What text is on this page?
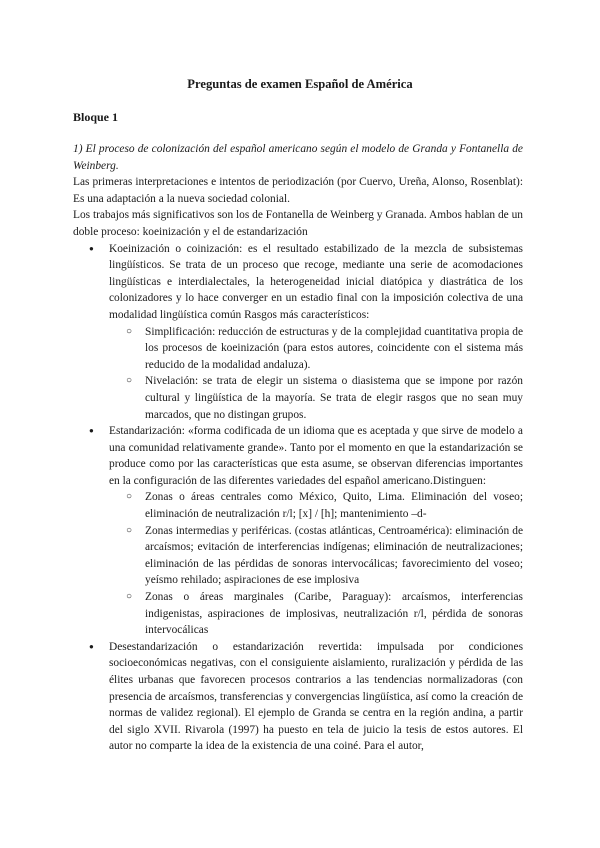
Preguntas de examen Español de América
Bloque 1

1) El proceso de colonización del español americano según el modelo de Granda y Fontanella de Weinberg.

Las primeras interpretaciones e intentos de periodización (por Cuervo, Ureña, Alonso, Rosenblat): Es una adaptación a la nueva sociedad colonial.

Los trabajos más significativos son los de Fontanella de Weinberg y Granada. Ambos hablan de un doble proceso: koeinización y el de estandarización

● Koeinización o coinización: es el resultado estabilizado de la mezcla de subsistemas lingüísticos. Se trata de un proceso que recoge, mediante una serie de acomodaciones lingüísticas e interdialectales, la heterogeneidad inicial diatópica y diastrática de los colonizadores y lo hace converger en un estadio final con la imposición colectiva de una modalidad lingüística común Rasgos más característicos:
○ Simplificación: reducción de estructuras y de la complejidad cuantitativa propia de los procesos de koeinización (para estos autores, coincidente con el sistema más reducido de la modalidad andaluza).
○ Nivelación: se trata de elegir un sistema o diasistema que se impone por razón cultural y lingüística de la mayoría. Se trata de elegir rasgos que no sean muy marcados, que no distingan grupos.
● Estandarización: «forma codificada de un idioma que es aceptada y que sirve de modelo a una comunidad relativamente grande». Tanto por el momento en que la estandarización se produce como por las características que esta asume, se observan diferencias importantes en la configuración de las diferentes variedades del español americano.Distinguen:
○ Zonas o áreas centrales como México, Quito, Lima. Eliminación del voseo; eliminación de neutralización r/l; [x] / [h]; mantenimiento –d-
○ Zonas intermedias y periféricas. (costas atlánticas, Centroamérica): eliminación de arcaísmos; evitación de interferencias indígenas; eliminación de neutralizaciones; eliminación de las pérdidas de sonoras intervocálicas; favorecimiento del voseo; yeísmo rehilado; aspiraciones de ese implosiva
○ Zonas o áreas marginales (Caribe, Paraguay): arcaísmos, interferencias indigenistas, aspiraciones de implosivas, neutralización r/l, pérdida de sonoras intervocálicas
● Desestandarización o estandarización revertida: impulsada por condiciones socioeconómicas negativas, con el consiguiente aislamiento, ruralización y pérdida de las élites urbanas que favorecen procesos contrarios a las tendencias normalizadoras (con presencia de arcaísmos, transferencias y convergencias lingüística, así como la creación de normas de validez regional). El ejemplo de Granda se centra en la región andina, a partir del siglo XVII. Rivarola (1997) ha puesto en tela de juicio la tesis de estos autores. El autor no comparte la idea de la existencia de una coiné. Para el autor,
